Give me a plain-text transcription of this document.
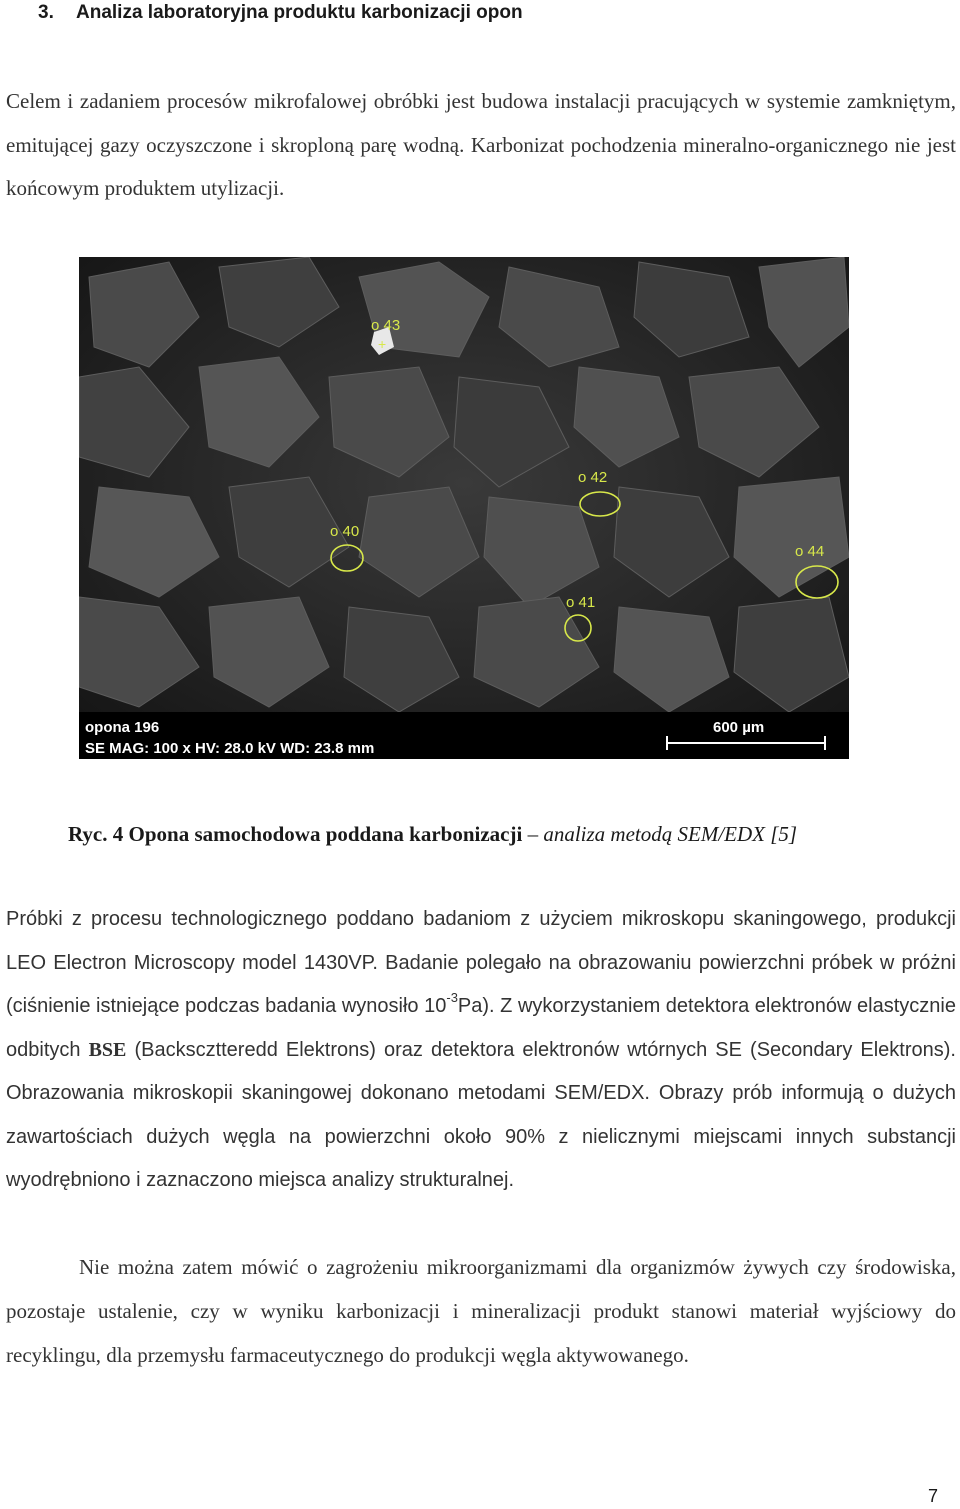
3. Analiza laboratoryjna produktu karbonizacji opon
Celem i zadaniem procesów mikrofalowej obróbki jest budowa instalacji pracujących w systemie zamkniętym, emitującej gazy oczyszczone i skroploną parę wodną. Karbonizat pochodzenia mineralno-organicznego nie jest końcowym produktem utylizacji.
o 43
+
o 42
o 40
o 44
o 41
opona 196
SE MAG: 100 x HV: 28.0 kV WD: 23.8 mm
600 µm
Ryc. 4 Opona samochodowa poddana karbonizacji – analiza metodą SEM/EDX [5]
Próbki z procesu technologicznego poddano badaniom z użyciem mikroskopu skaningowego, produkcji LEO Electron Microscopy model 1430VP. Badanie polegało na obrazowaniu powierzchni próbek w próżni (ciśnienie istniejące podczas badania wynosiło $10^{-3}Pa$). Z wykorzystaniem detektora elektronów elastycznie odbitych BSE (Backscztteredd Elektrons) oraz detektora elektronów wtórnych SE (Secondary Elektrons). Obrazowania mikroskopii skaningowej dokonano metodami SEM/EDX. Obrazy prób informują o dużych zawartościach dużych węgla na powierzchni około 90% z nielicznymi miejscami innych substancji wyodrębniono i zaznaczono miejsca analizy strukturalnej.
Nie można zatem mówić o zagrożeniu mikroorganizmami dla organizmów żywych czy środowiska, pozostaje ustalenie, czy w wyniku karbonizacji i mineralizacji produkt stanowi materiał wyjściowy do recyklingu, dla przemysłu farmaceutycznego do produkcji węgla aktywowanego.
7
